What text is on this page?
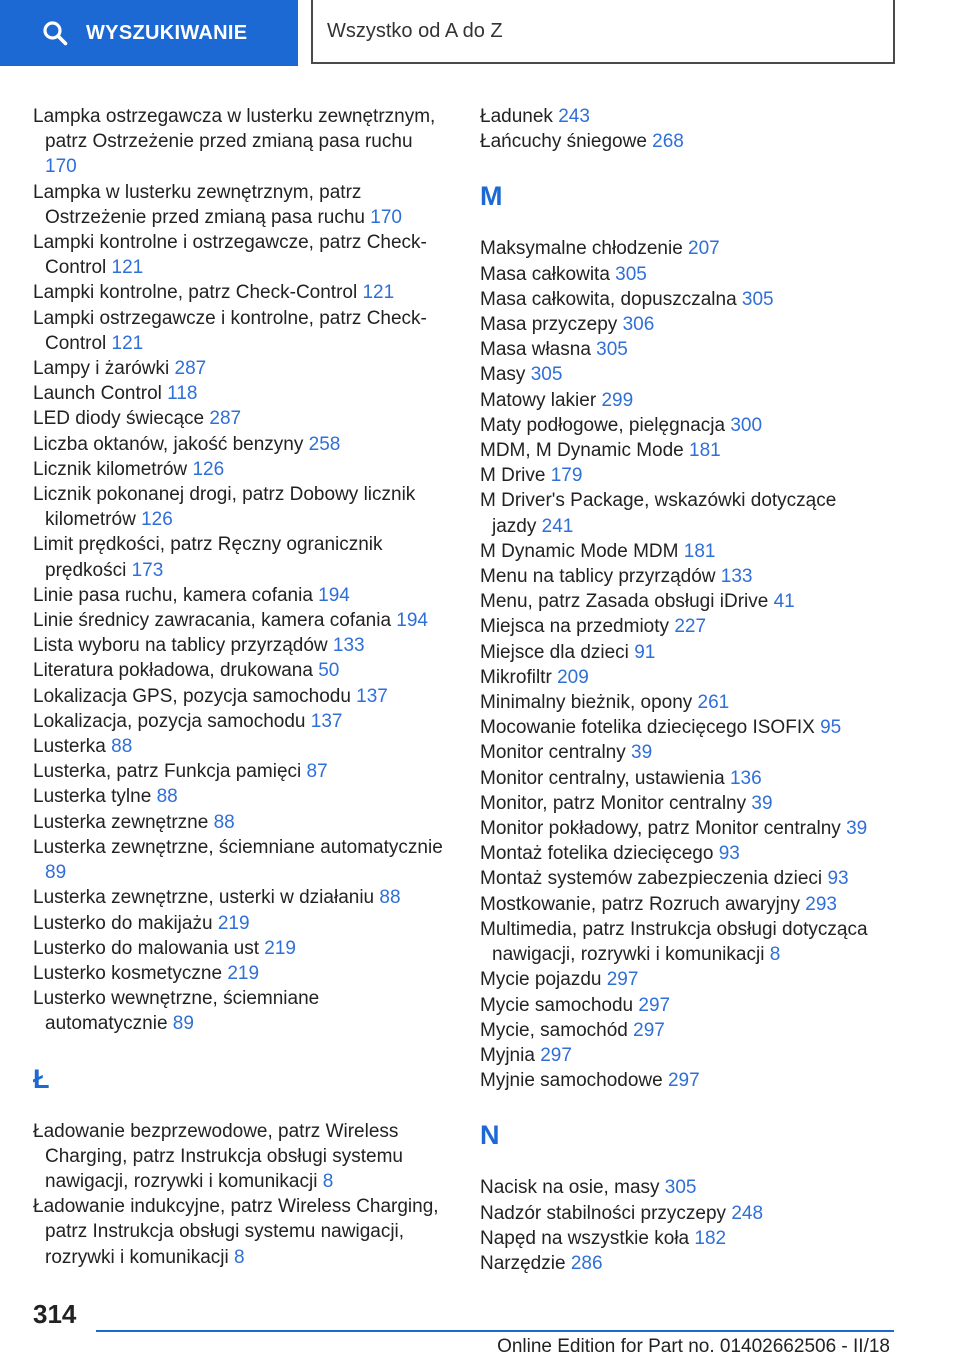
WYSZUKIWANIE	Wszystko od A do Z
Lampka ostrzegawcza w lusterku zewnętrznym, patrz Ostrzeżenie przed zmianą pasa ruchu 170
Lampka w lusterku zewnętrznym, patrz Ostrzeżenie przed zmianą pasa ruchu 170
Lampki kontrolne i ostrzegawcze, patrz Check-Control 121
Lampki kontrolne, patrz Check-Control 121
Lampki ostrzegawcze i kontrolne, patrz Check-Control 121
Lampy i żarówki 287
Launch Control 118
LED diody świecące 287
Liczba oktanów, jakość benzyny 258
Licznik kilometrów 126
Licznik pokonanej drogi, patrz Dobowy licznik kilometrów 126
Limit prędkości, patrz Ręczny ogranicznik prędkości 173
Linie pasa ruchu, kamera cofania 194
Linie średnicy zawracania, kamera cofania 194
Lista wyboru na tablicy przyrządów 133
Literatura pokładowa, drukowana 50
Lokalizacja GPS, pozycja samochodu 137
Lokalizacja, pozycja samochodu 137
Lusterka 88
Lusterka, patrz Funkcja pamięci 87
Lusterka tylne 88
Lusterka zewnętrzne 88
Lusterka zewnętrzne, ściemniane automatycznie 89
Lusterka zewnętrzne, usterki w działaniu 88
Lusterko do makijażu 219
Lusterko do malowania ust 219
Lusterko kosmetyczne 219
Lusterko wewnętrzne, ściemniane automatycznie 89
Ł
Ładowanie bezprzewodowe, patrz Wireless Charging, patrz Instrukcja obsługi systemu nawigacji, rozrywki i komunikacji 8
Ładowanie indukcyjne, patrz Wireless Charging, patrz Instrukcja obsługi systemu nawigacji, rozrywki i komunikacji 8
Ładunek 243
Łańcuchy śniegowe 268
M
Maksymalne chłodzenie 207
Masa całkowita 305
Masa całkowita, dopuszczalna 305
Masa przyczepy 306
Masa własna 305
Masy 305
Matowy lakier 299
Maty podłogowe, pielęgnacja 300
MDM, M Dynamic Mode 181
M Drive 179
M Driver's Package, wskazówki dotyczące jazdy 241
M Dynamic Mode MDM 181
Menu na tablicy przyrządów 133
Menu, patrz Zasada obsługi iDrive 41
Miejsca na przedmioty 227
Miejsce dla dzieci 91
Mikrofiltr 209
Minimalny bieżnik, opony 261
Mocowanie fotelika dziecięcego ISOFIX 95
Monitor centralny 39
Monitor centralny, ustawienia 136
Monitor, patrz Monitor centralny 39
Monitor pokładowy, patrz Monitor centralny 39
Montaż fotelika dziecięcego 93
Montaż systemów zabezpieczenia dzieci 93
Mostkowanie, patrz Rozruch awaryjny 293
Multimedia, patrz Instrukcja obsługi dotycząca nawigacji, rozrywki i komunikacji 8
Mycie pojazdu 297
Mycie samochodu 297
Mycie, samochód 297
Myjnia 297
Myjnie samochodowe 297
N
Nacisk na osie, masy 305
Nadzór stabilności przyczepy 248
Napęd na wszystkie koła 182
Narzędzie 286
314
Online Edition for Part no. 01402662506 - II/18
